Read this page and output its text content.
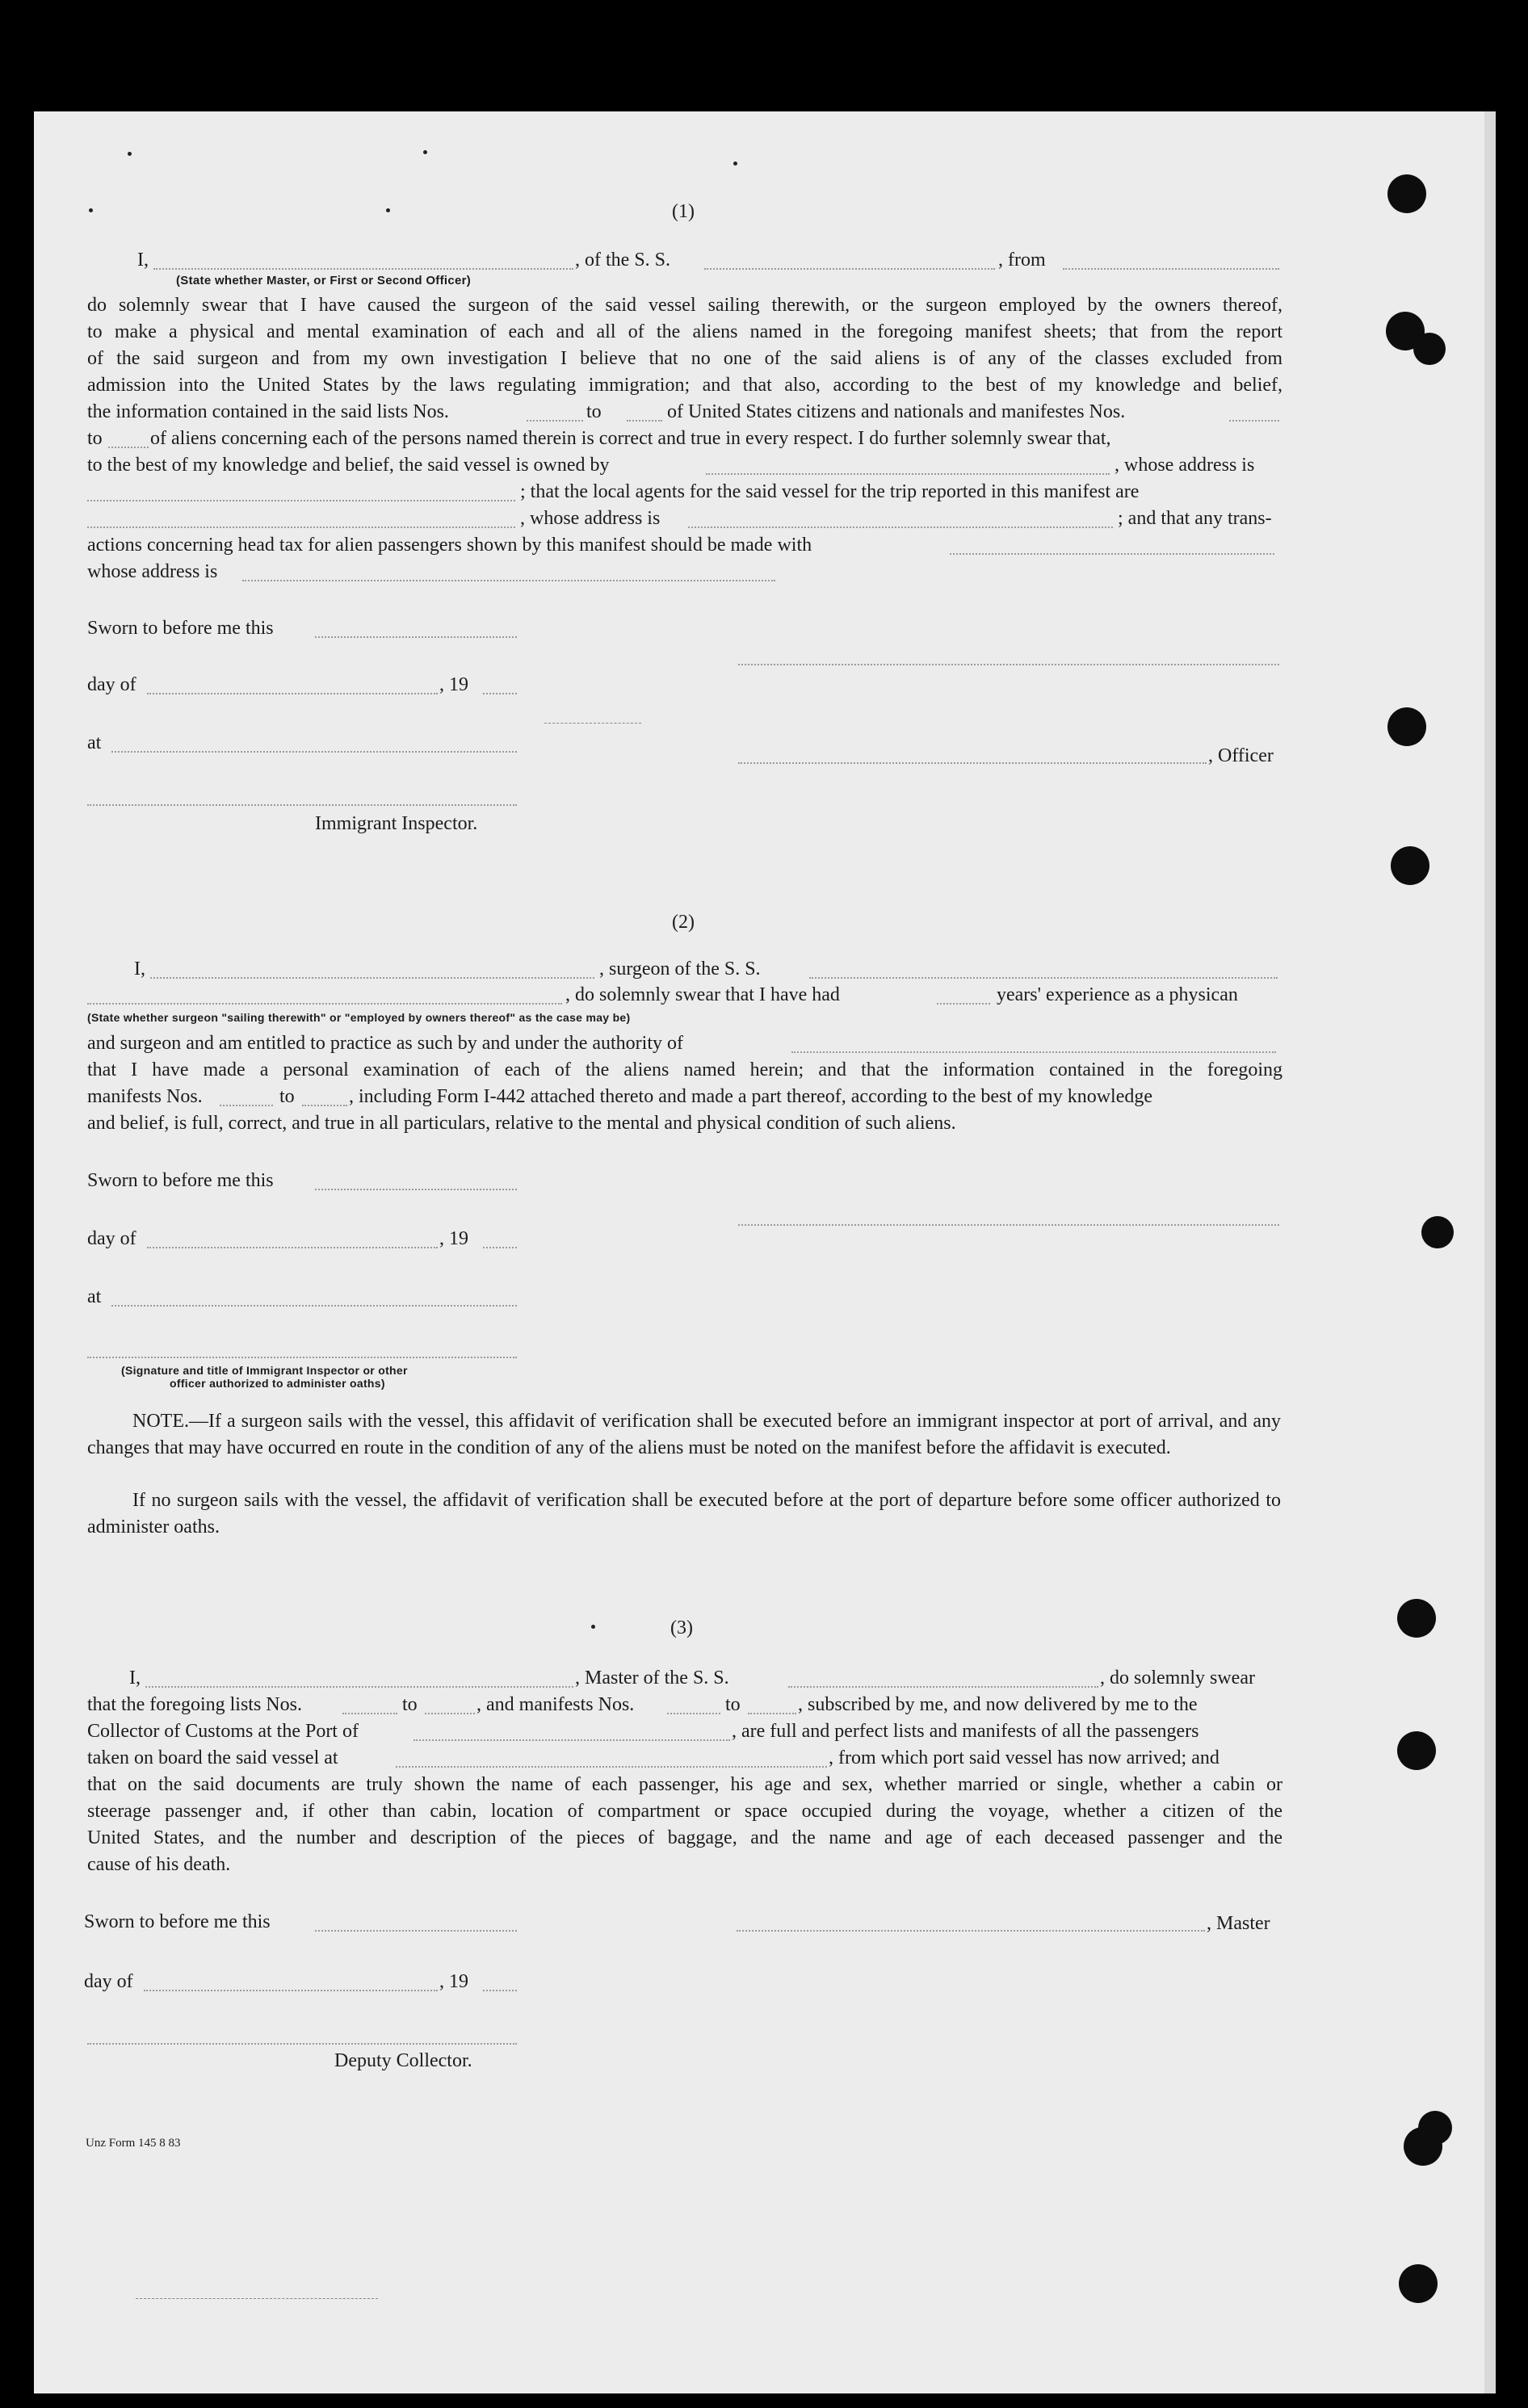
(1)
I,	, of the S. S.	, from
(State whether Master, or First or Second Officer)
do solemnly swear that I have caused the surgeon of the said vessel sailing therewith, or the surgeon employed by the owners thereof,
to make a physical and mental examination of each and all of the aliens named in the foregoing manifest sheets; that from the report
of the said surgeon and from my own investigation I believe that no one of the said aliens is of any of the classes excluded from
admission into the United States by the laws regulating immigration; and that also, according to the best of my knowledge and belief,
the information contained in the said lists Nos.	to	of United States citizens and nationals and manifestes Nos.
to of aliens concerning each of the persons named therein is correct and true in every respect. I do further solemnly swear that,
to the best of my knowledge and belief, the said vessel is owned by	, whose address is
; that the local agents for the said vessel for the trip reported in this manifest are
, whose address is	; and that any trans-
actions concerning head tax for alien passengers shown by this manifest should be made with
whose address is
Sworn to before me this
day of	, 19
at
, Officer
Immigrant Inspector.
(2)
I,	, surgeon of the S. S.
, do solemnly swear that I have had	years' experience as a physican
(State whether surgeon "sailing therewith" or "employed by owners thereof" as the case may be)
and surgeon and am entitled to practice as such by and under the authority of
that I have made a personal examination of each of the aliens named herein; and that the information contained in the foregoing
manifests Nos.	to	, including Form I-442 attached thereto and made a part thereof, according to the best of my knowledge
and belief, is full, correct, and true in all particulars, relative to the mental and physical condition of such aliens.
Sworn to before me this
day of	, 19
at
(Signature and title of Immigrant Inspector or other
officer authorized to administer oaths)
NOTE.—If a surgeon sails with the vessel, this affidavit of verification shall be executed before an immigrant inspector at port of arrival, and any changes that may have occurred en route in the condition of any of the aliens must be noted on the manifest before the affidavit is executed.
If no surgeon sails with the vessel, the affidavit of verification shall be executed before at the port of departure before some officer authorized to administer oaths.
(3)
I,	, Master of the S. S.	, do solemnly swear
that the foregoing lists Nos.	to	, and manifests Nos.	to	, subscribed by me, and now delivered by me to the
Collector of Customs at the Port of	, are full and perfect lists and manifests of all the passengers
taken on board the said vessel at	, from which port said vessel has now arrived; and
that on the said documents are truly shown the name of each passenger, his age and sex, whether married or single, whether a cabin or
steerage passenger and, if other than cabin, location of compartment or space occupied during the voyage, whether a citizen of the
United States, and the number and description of the pieces of baggage, and the name and age of each deceased passenger and the
cause of his death.
Sworn to before me this	, Master
day of	, 19
Deputy Collector.
Unz Form 145 8 83
